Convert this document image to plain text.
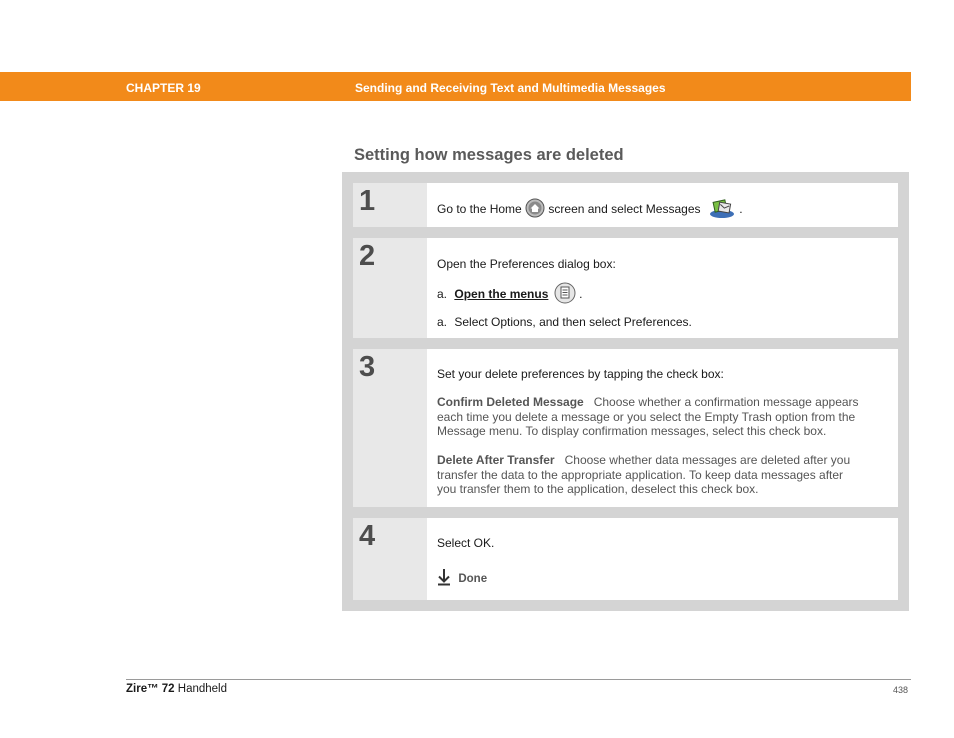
CHAPTER 19	Sending and Receiving Text and Multimedia Messages
Setting how messages are deleted
1	Go to the Home screen and select Messages	.
2	Open the Preferences dialog box:
a. Open the menus	.
a. Select Options, and then select Preferences.
3	Set your delete preferences by tapping the check box:
Confirm Deleted Message Choose whether a confirmation message appears
each time you delete a message or you select the Empty Trash option from the
Message menu. To display confirmation messages, select this check box.
Delete After Transfer Choose whether data messages are deleted after you
transfer the data to the appropriate application. To keep data messages after
you transfer them to the application, deselect this check box.
4	Select OK.
Done
Zire™ 72 Handheld	438
